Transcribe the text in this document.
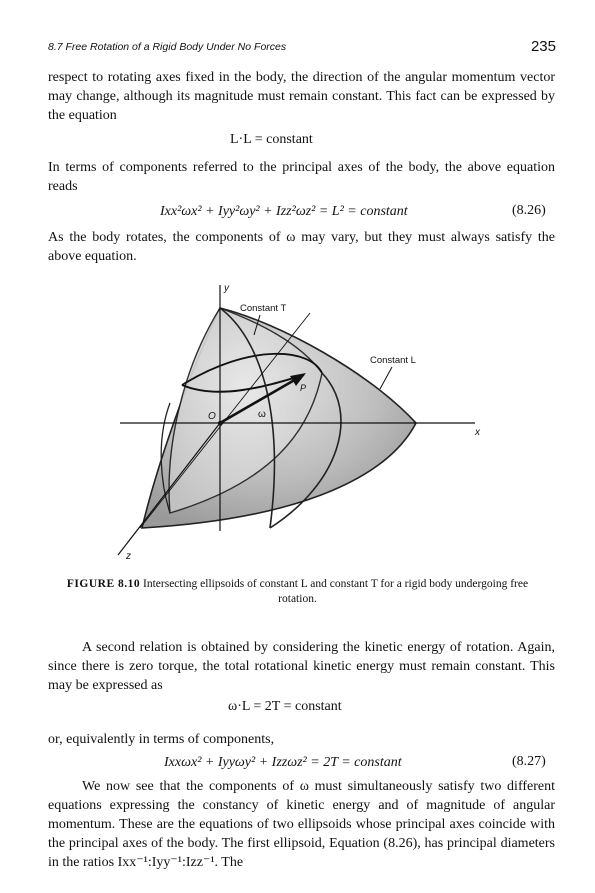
8.7 Free Rotation of a Rigid Body Under No Forces	235

respect to rotating axes fixed in the body, the direction of the angular momentum vector may change, although its magnitude must remain constant. This fact can be expressed by the equation

L·L = constant

In terms of components referred to the principal axes of the body, the above equation reads

Ixx²ωx² + Iyy²ωy² + Izz²ωz² = L² = constant	(8.26)

As the body rotates, the components of ω may vary, but they must always satisfy the above equation.

y
x
z
Constant T
Constant L
P
O	ω
FIGURE 8.10 Intersecting ellipsoids of constant L and constant T for a rigid body undergoing free rotation.

A second relation is obtained by considering the kinetic energy of rotation. Again, since there is zero torque, the total rotational kinetic energy must remain constant. This may be expressed as

ω·L = 2T = constant

or, equivalently in terms of components,

Ixxωx² + Iyyωy² + Izzωz² = 2T = constant	(8.27)

We now see that the components of ω must simultaneously satisfy two different equations expressing the constancy of kinetic energy and of magnitude of angular momentum. These are the equations of two ellipsoids whose principal axes coincide with the principal axes of the body. The first ellipsoid, Equation (8.26), has principal diameters in the ratios Ixx⁻¹:Iyy⁻¹:Izz⁻¹. The
